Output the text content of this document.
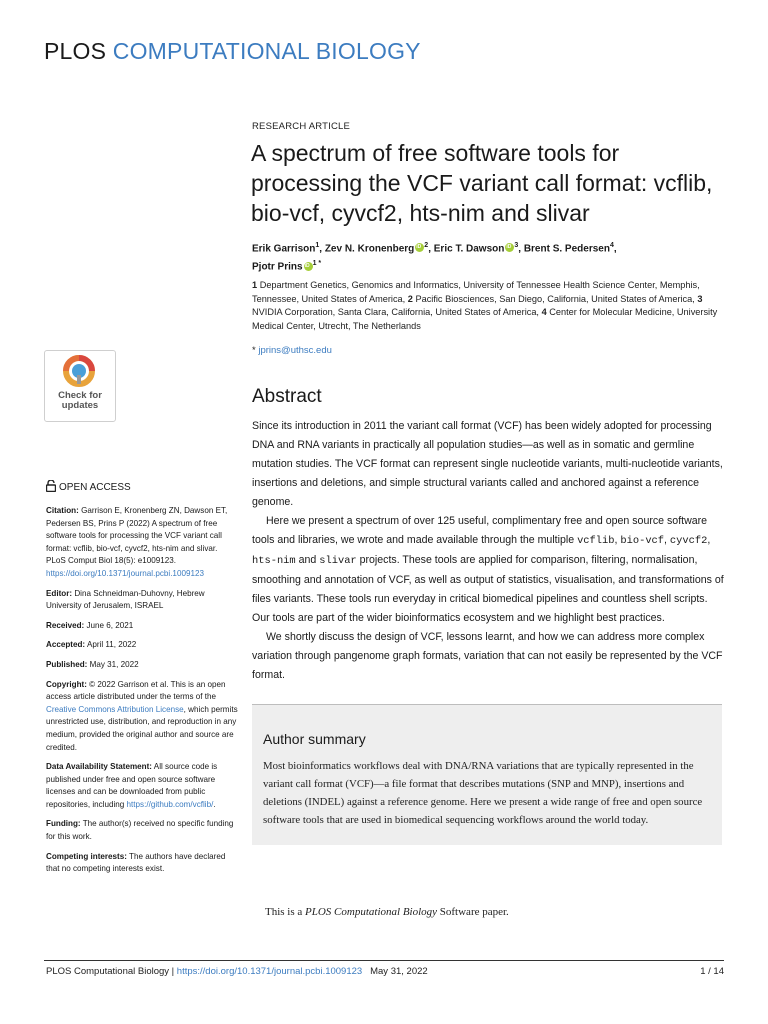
PLOS COMPUTATIONAL BIOLOGY
RESEARCH ARTICLE
A spectrum of free software tools for processing the VCF variant call format: vcflib, bio-vcf, cyvcf2, hts-nim and slivar
Erik Garrison$^1$, Zev N. Kronenberg iD $^2$, Eric T. Dawson iD $^3$, Brent S. Pedersen$^4$,
Pjotr Prins iD $^{1 *}$
1 Department Genetics, Genomics and Informatics, University of Tennessee Health Science Center, Memphis, Tennessee, United States of America, 2 Pacific Biosciences, San Diego, California, United States of America, 3 NVIDIA Corporation, Santa Clara, California, United States of America, 4 Center for Molecular Medicine, University Medical Center, Utrecht, The Netherlands
* jprins@uthsc.edu
Check for
updates
OPEN ACCESS

Citation: Garrison E, Kronenberg ZN, Dawson ET, Pedersen BS, Prins P (2022) A spectrum of free software tools for processing the VCF variant call format: vcflib, bio-vcf, cyvcf2, hts-nim and slivar. PLoS Comput Biol 18(5): e1009123. https://doi.org/10.1371/journal.pcbi.1009123

Editor: Dina Schneidman-Duhovny, Hebrew University of Jerusalem, ISRAEL

Received: June 6, 2021

Accepted: April 11, 2022

Published: May 31, 2022

Copyright: © 2022 Garrison et al. This is an open access article distributed under the terms of the Creative Commons Attribution License, which permits unrestricted use, distribution, and reproduction in any medium, provided the original author and source are credited.

Data Availability Statement: All source code is published under free and open source software licenses and can be downloaded from public repositories, including https://github.com/vcflib/.

Funding: The author(s) received no specific funding for this work.

Competing interests: The authors have declared that no competing interests exist.

Abstract

Since its introduction in 2011 the variant call format (VCF) has been widely adopted for processing DNA and RNA variants in practically all population studies—as well as in somatic and germline mutation studies. The VCF format can represent single nucleotide variants, multi-nucleotide variants, insertions and deletions, and simple structural variants called and anchored against a reference genome.

Here we present a spectrum of over 125 useful, complimentary free and open source software tools and libraries, we wrote and made available through the multiple vcflib, bio-vcf, cyvcf2, hts-nim and slivar projects. These tools are applied for comparison, filtering, normalisation, smoothing and annotation of VCF, as well as output of statistics, visualisation, and transformations of files variants. These tools run everyday in critical biomedical pipelines and countless shell scripts. Our tools are part of the wider bioinformatics ecosystem and we highlight best practices.

We shortly discuss the design of VCF, lessons learnt, and how we can address more complex variation through pangenome graph formats, variation that can not easily be represented by the VCF format.

Author summary
Most bioinformatics workflows deal with DNA/RNA variations that are typically represented in the variant call format (VCF)—a file format that describes mutations (SNP and MNP), insertions and deletions (INDEL) against a reference genome. Here we present a wide range of free and open source software tools that are used in biomedical sequencing workflows around the world today.
This is a PLOS Computational Biology Software paper.
PLOS Computational Biology | https://doi.org/10.1371/journal.pcbi.1009123 May 31, 2022	1 / 14
